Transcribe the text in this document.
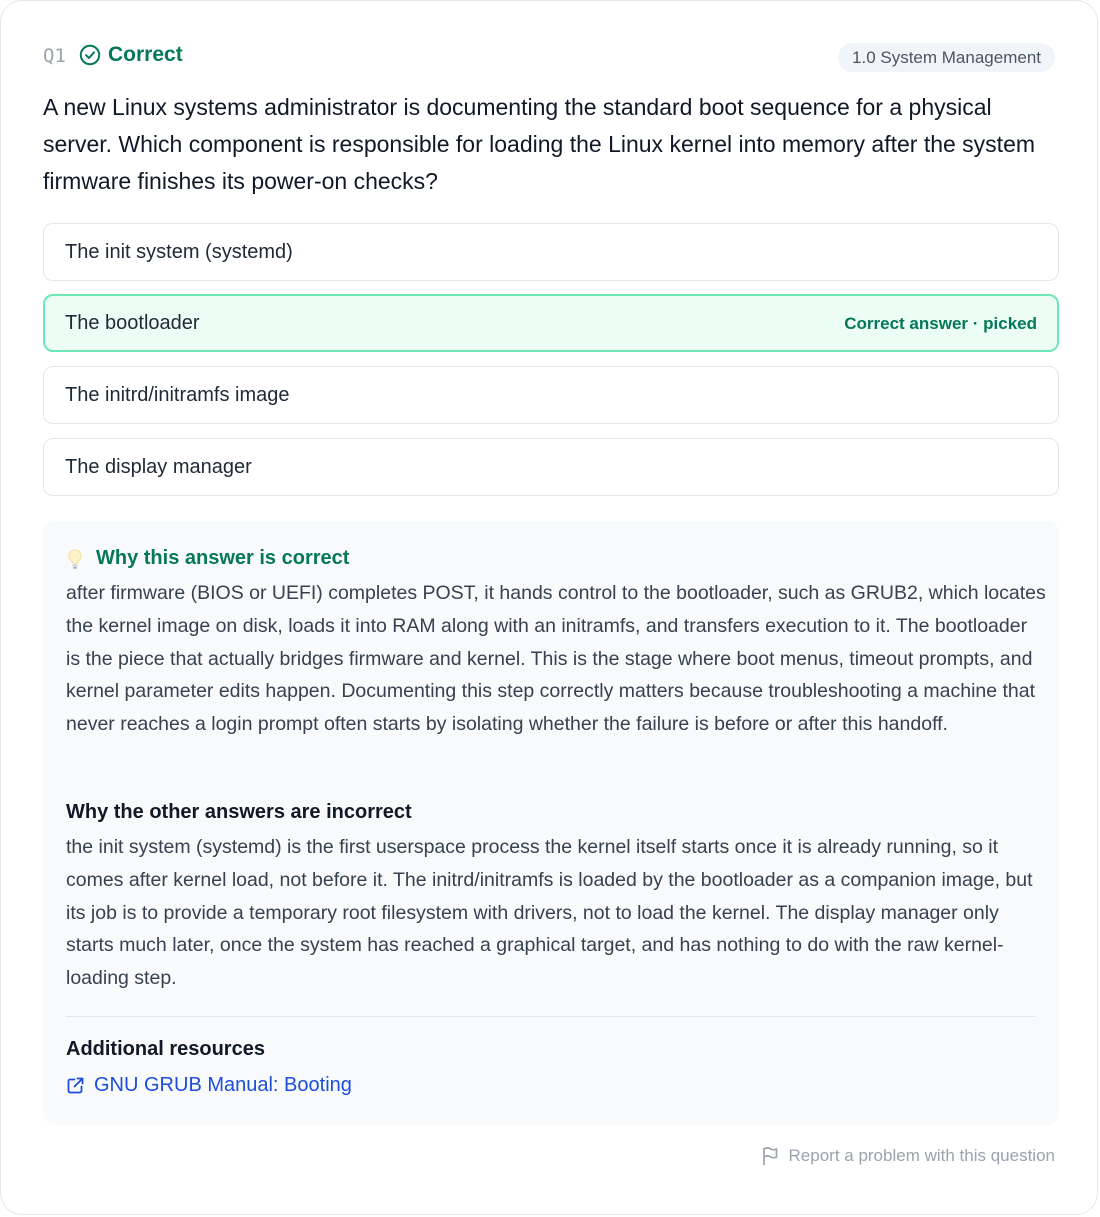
Q1 Correct	1.0 System Management

A new Linux systems administrator is documenting the standard boot sequence for a physical server. Which component is responsible for loading the Linux kernel into memory after the system firmware finishes its power-on checks?

The init system (systemd)
The bootloader	Correct answer · picked
The initrd/initramfs image
The display manager
Why this answer is correct

after firmware (BIOS or UEFI) completes POST, it hands control to the bootloader, such as GRUB2, which locates the kernel image on disk, loads it into RAM along with an initramfs, and transfers execution to it. The bootloader is the piece that actually bridges firmware and kernel. This is the stage where boot menus, timeout prompts, and kernel parameter edits happen. Documenting this step correctly matters because troubleshooting a machine that never reaches a login prompt often starts by isolating whether the failure is before or after this handoff.

Why the other answers are incorrect

the init system (systemd) is the first userspace process the kernel itself starts once it is already running, so it comes after kernel load, not before it. The initrd/initramfs is loaded by the bootloader as a companion image, but its job is to provide a temporary root filesystem with drivers, not to load the kernel. The display manager only starts much later, once the system has reached a graphical target, and has nothing to do with the raw kernel-loading step.

Additional resources
GNU GRUB Manual: Booting
Report a problem with this question
